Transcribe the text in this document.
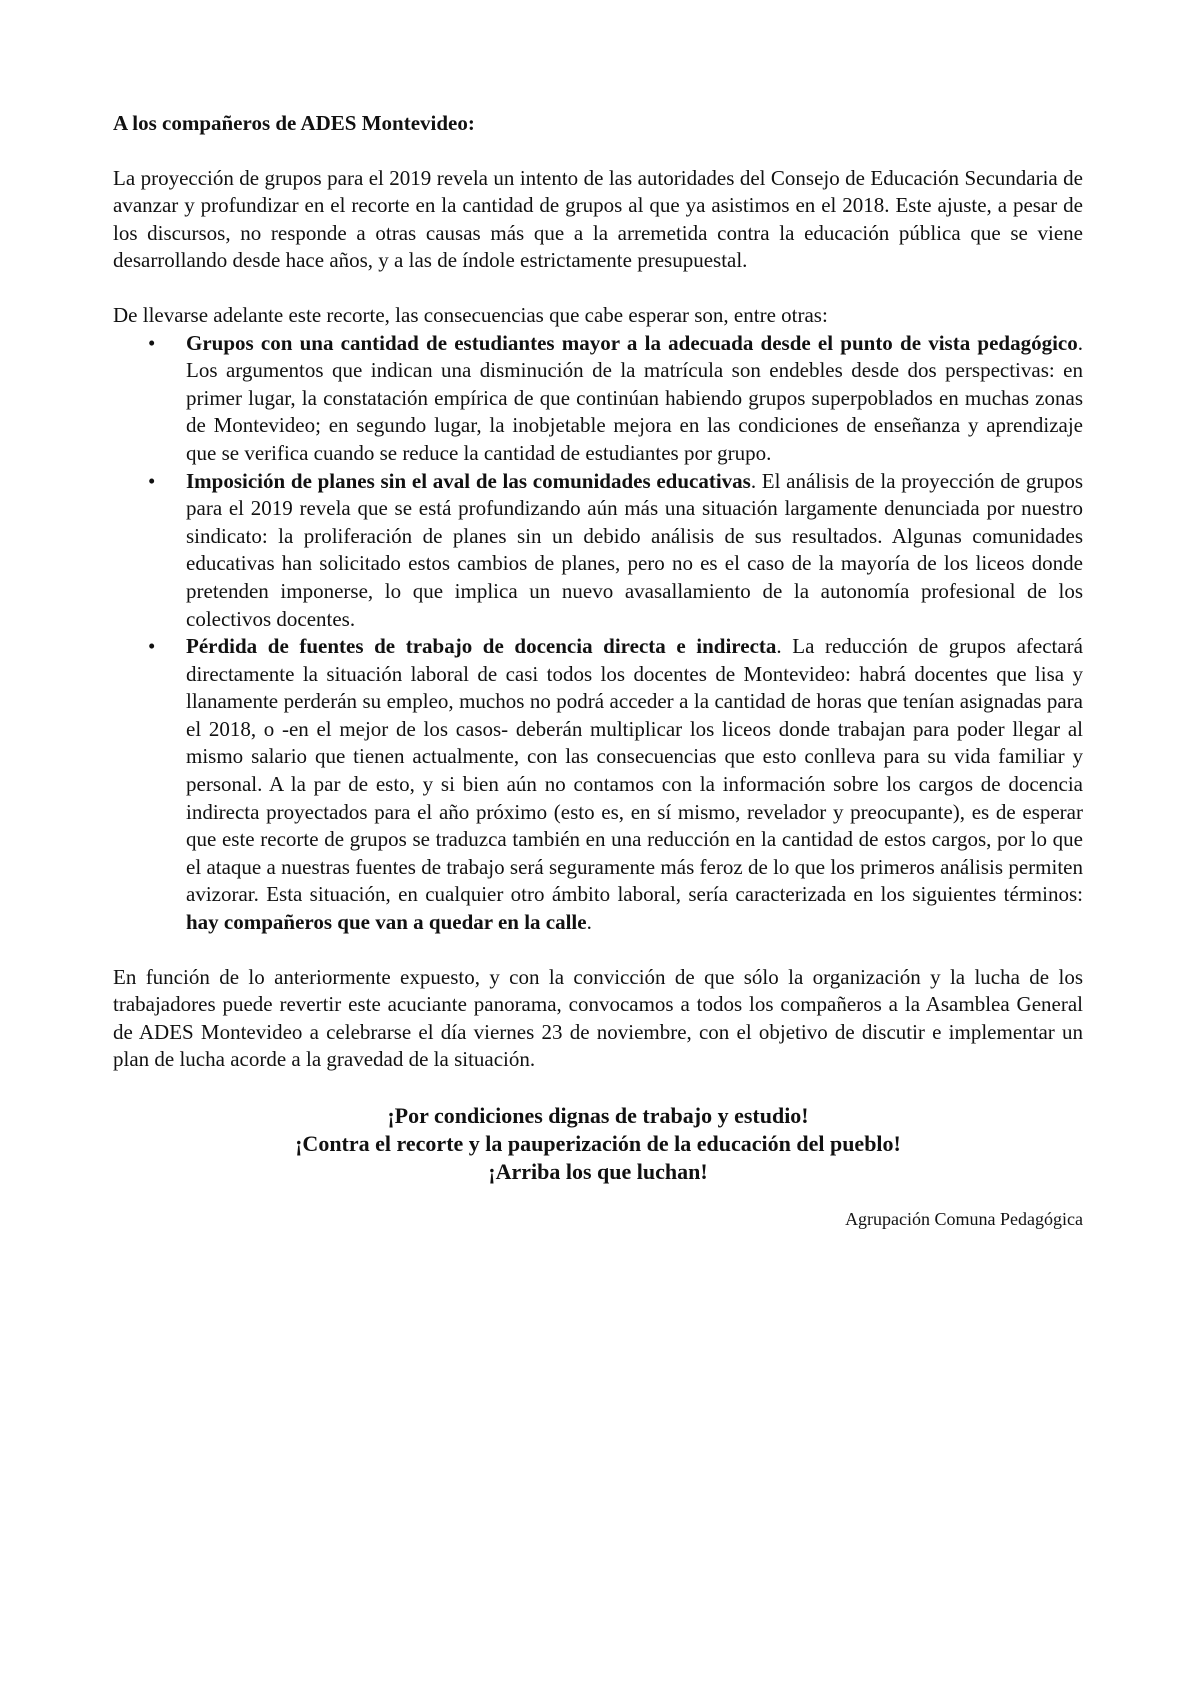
A los compañeros de ADES Montevideo:

La proyección de grupos para el 2019 revela un intento de las autoridades del Consejo de Educación Secundaria de avanzar y profundizar en el recorte en la cantidad de grupos al que ya asistimos en el 2018. Este ajuste, a pesar de los discursos, no responde a otras causas más que a la arremetida contra la educación pública que se viene desarrollando desde hace años, y a las de índole estrictamente presupuestal.

De llevarse adelante este recorte, las consecuencias que cabe esperar son, entre otras:

• Grupos con una cantidad de estudiantes mayor a la adecuada desde el punto de vista pedagógico. Los argumentos que indican una disminución de la matrícula son endebles desde dos perspectivas: en primer lugar, la constatación empírica de que continúan habiendo grupos superpoblados en muchas zonas de Montevideo; en segundo lugar, la inobjetable mejora en las condiciones de enseñanza y aprendizaje que se verifica cuando se reduce la cantidad de estudiantes por grupo.
• Imposición de planes sin el aval de las comunidades educativas. El análisis de la proyección de grupos para el 2019 revela que se está profundizando aún más una situación largamente denunciada por nuestro sindicato: la proliferación de planes sin un debido análisis de sus resultados. Algunas comunidades educativas han solicitado estos cambios de planes, pero no es el caso de la mayoría de los liceos donde pretenden imponerse, lo que implica un nuevo avasallamiento de la autonomía profesional de los colectivos docentes.
• Pérdida de fuentes de trabajo de docencia directa e indirecta. La reducción de grupos afectará directamente la situación laboral de casi todos los docentes de Montevideo: habrá docentes que lisa y llanamente perderán su empleo, muchos no podrá acceder a la cantidad de horas que tenían asignadas para el 2018, o -en el mejor de los casos- deberán multiplicar los liceos donde trabajan para poder llegar al mismo salario que tienen actualmente, con las consecuencias que esto conlleva para su vida familiar y personal. A la par de esto, y si bien aún no contamos con la información sobre los cargos de docencia indirecta proyectados para el año próximo (esto es, en sí mismo, revelador y preocupante), es de esperar que este recorte de grupos se traduzca también en una reducción en la cantidad de estos cargos, por lo que el ataque a nuestras fuentes de trabajo será seguramente más feroz de lo que los primeros análisis permiten avizorar. Esta situación, en cualquier otro ámbito laboral, sería caracterizada en los siguientes términos: hay compañeros que van a quedar en la calle.

En función de lo anteriormente expuesto, y con la convicción de que sólo la organización y la lucha de los trabajadores puede revertir este acuciante panorama, convocamos a todos los compañeros a la Asamblea General de ADES Montevideo a celebrarse el día viernes 23 de noviembre, con el objetivo de discutir e implementar un plan de lucha acorde a la gravedad de la situación.

¡Por condiciones dignas de trabajo y estudio!
¡Contra el recorte y la pauperización de la educación del pueblo!
¡Arriba los que luchan!
Agrupación Comuna Pedagógica
